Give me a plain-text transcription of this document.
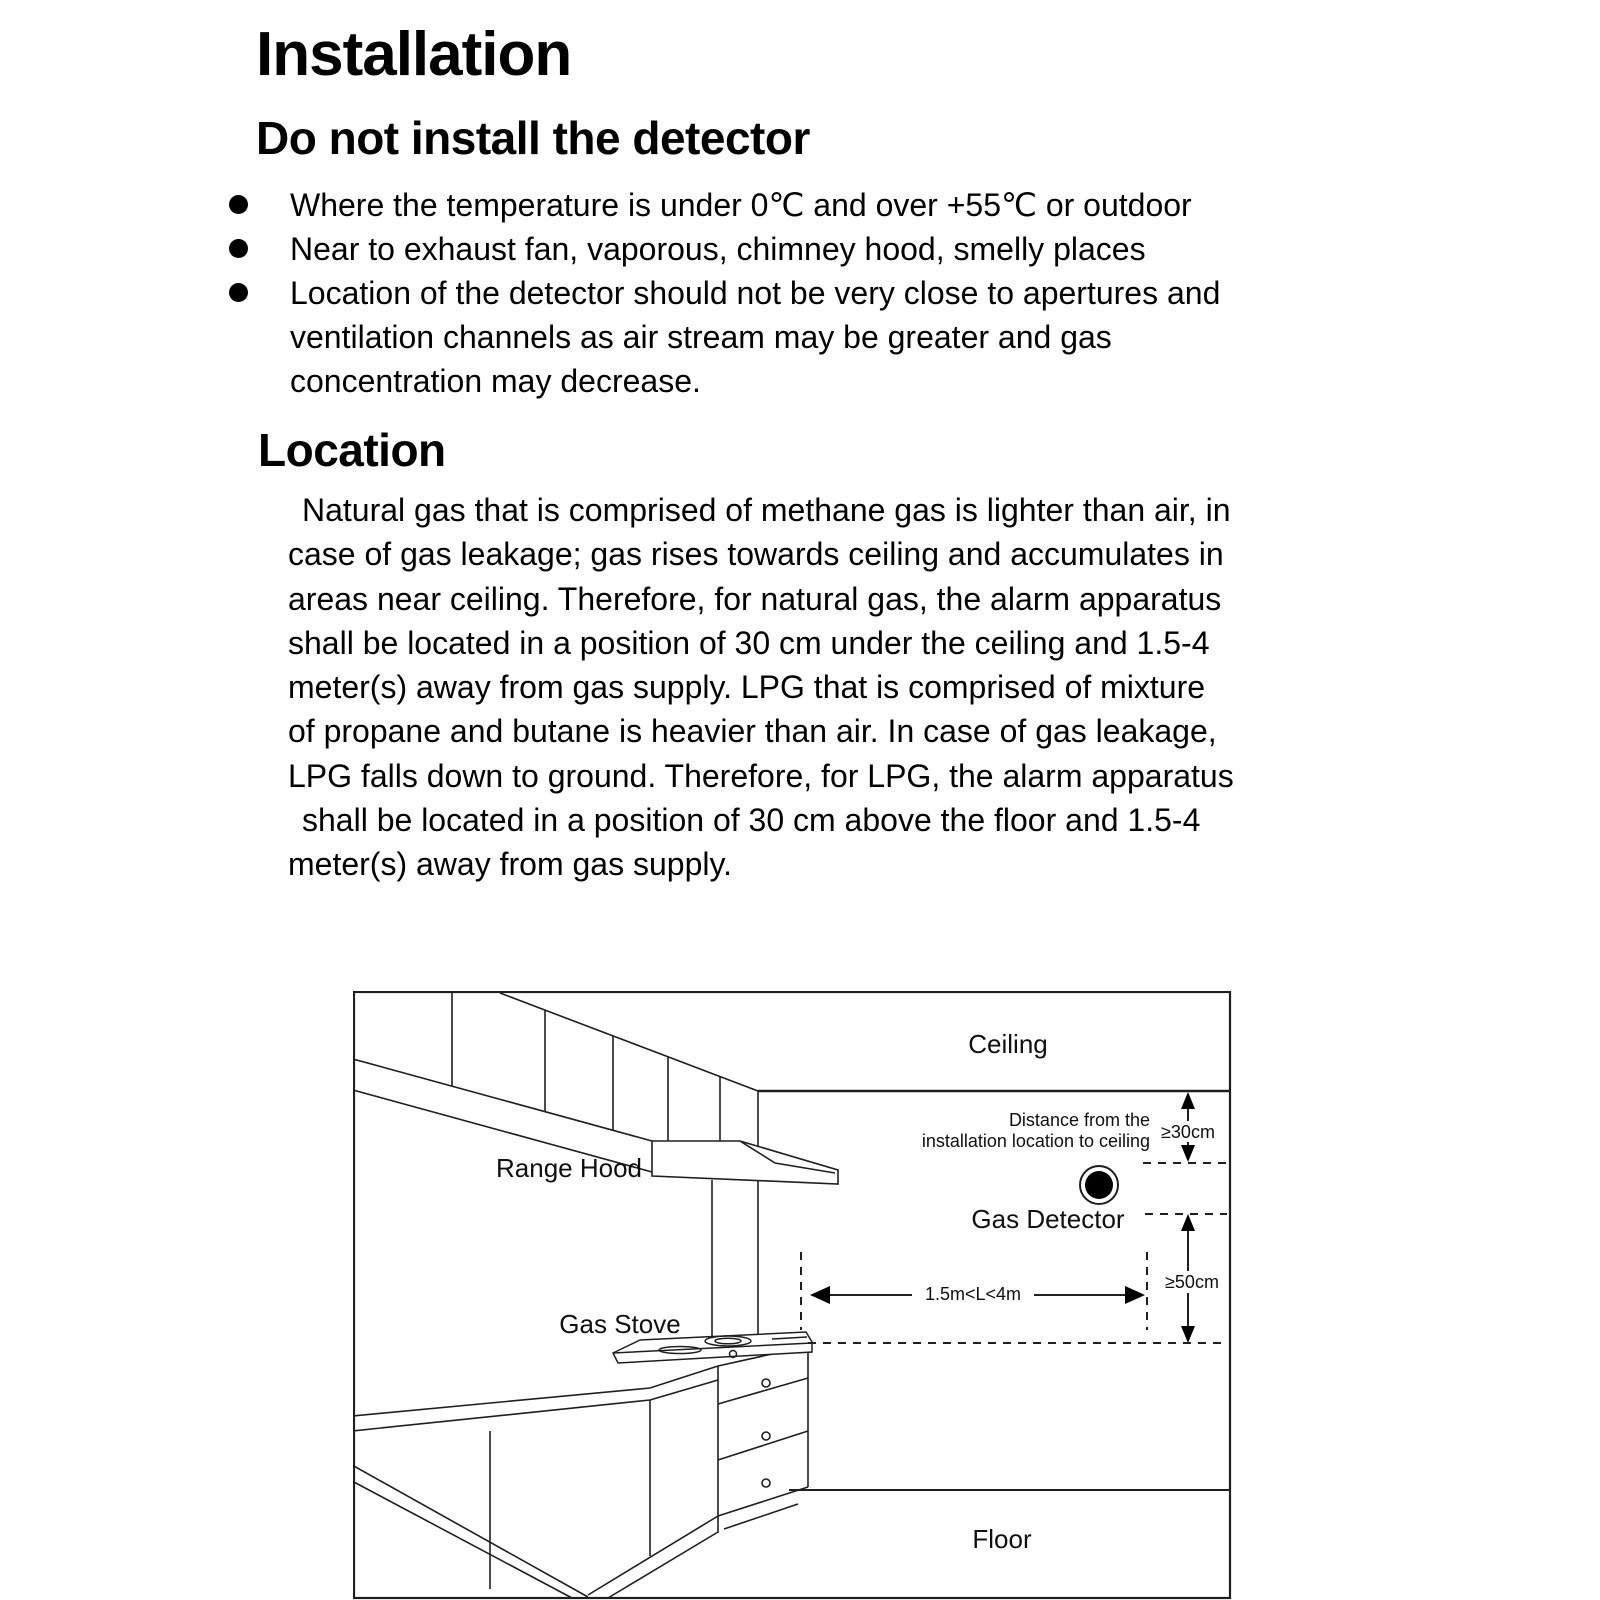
Installation
Do not install the detector
Where the temperature is under 0℃ and over +55℃ or outdoor
Near to exhaust fan, vaporous, chimney hood, smelly places
Location of the detector should not be very close to apertures and
ventilation channels as air stream may be greater and gas
concentration may decrease.
Location
Natural gas that is comprised of methane gas is lighter than air, in
case of gas leakage; gas rises towards ceiling and accumulates in
areas near ceiling. Therefore, for natural gas, the alarm apparatus
shall be located in a position of 30 cm under the ceiling and 1.5-4
meter(s) away from gas supply. LPG that is comprised of mixture
of propane and butane is heavier than air. In case of gas leakage,
LPG falls down to ground. Therefore, for LPG, the alarm apparatus
shall be located in a position of 30 cm above the floor and 1.5-4
meter(s) away from gas supply.
≥30cm
≥50cm
1.5m<L<4m
Ceiling
Range Hood
Gas Stove
Gas Detector
Floor
Distance from the
installation location to ceiling
